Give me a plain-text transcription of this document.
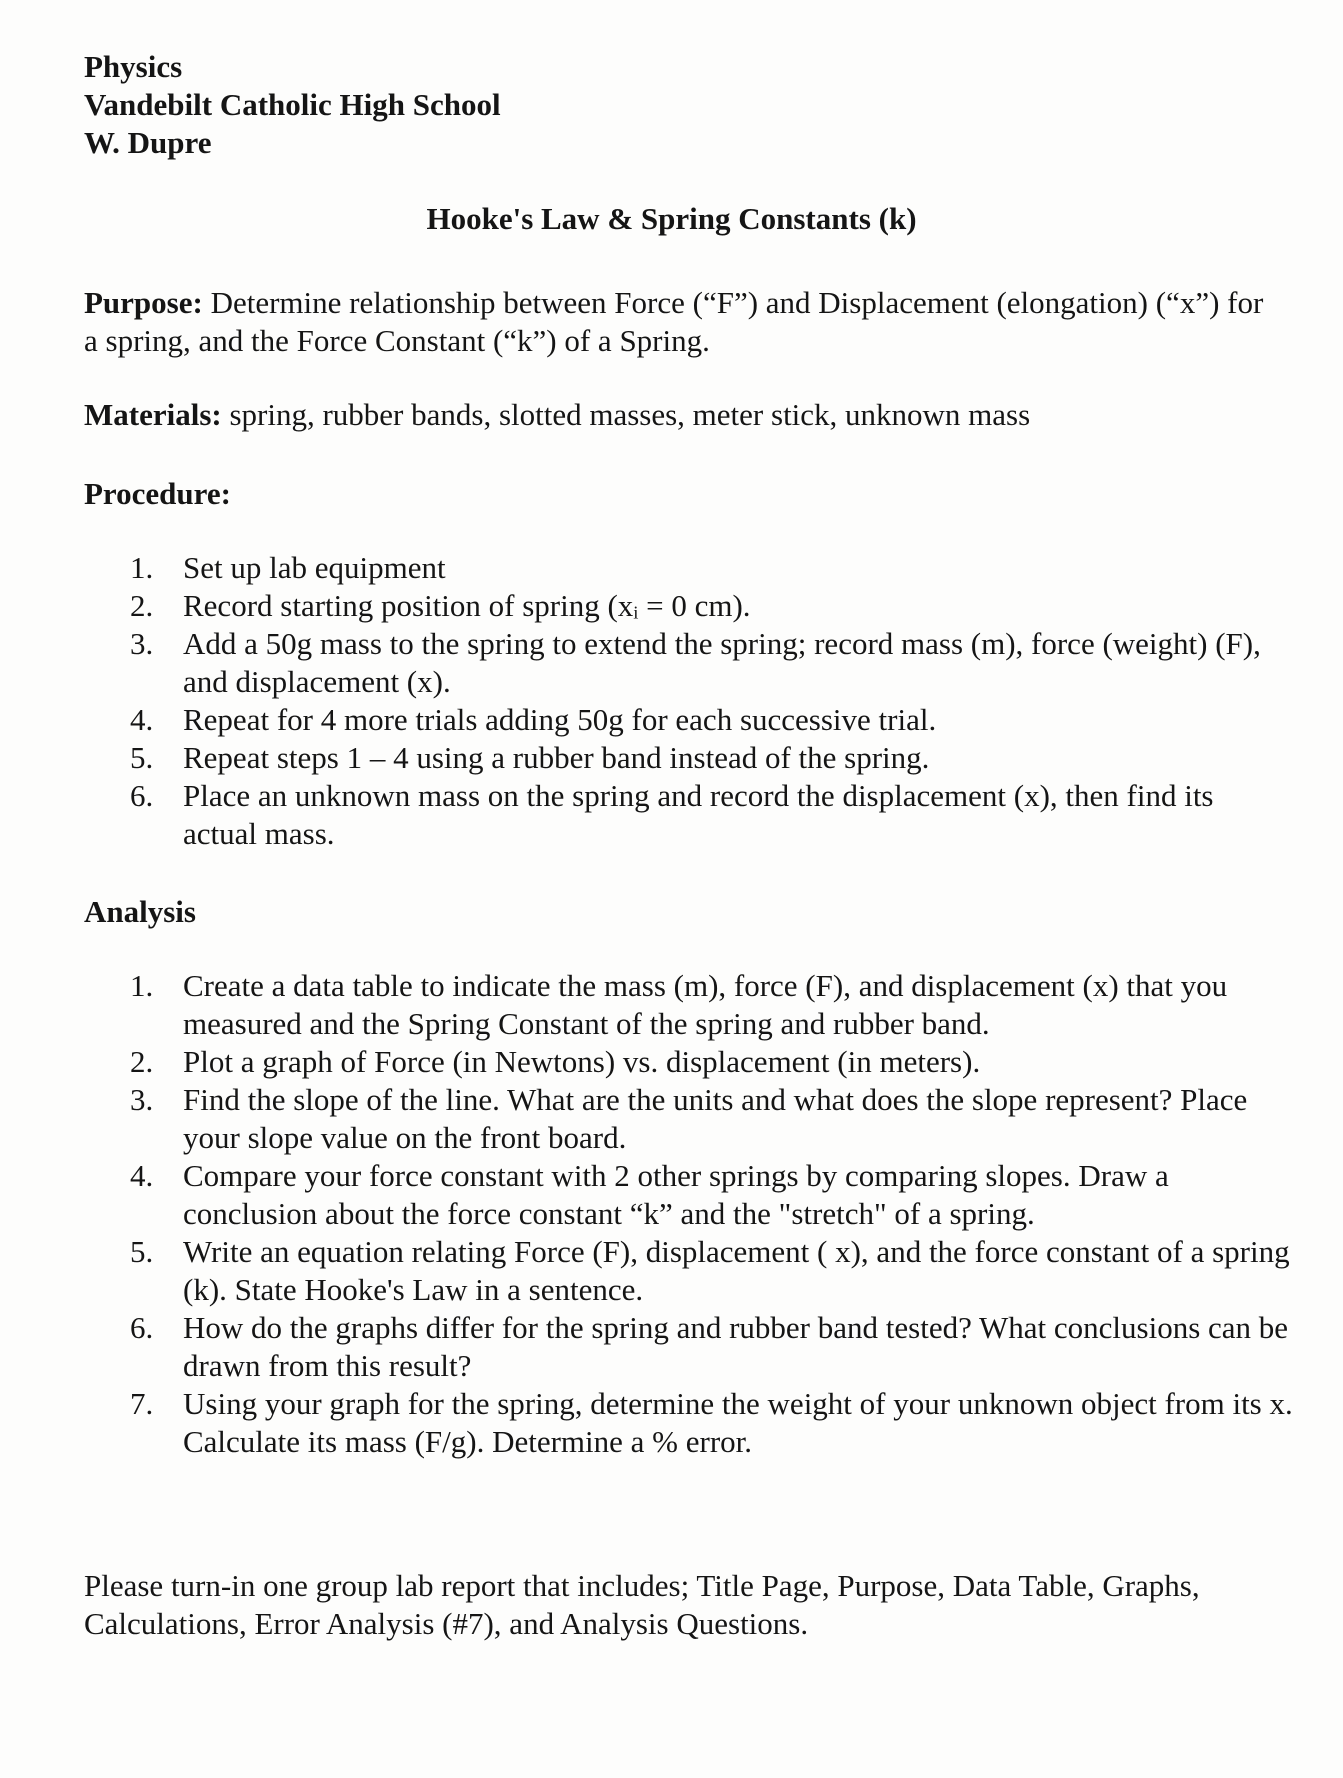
Physics
Vandebilt Catholic High School
W. Dupre
Hooke's Law & Spring Constants (k)
Purpose: Determine relationship between Force (“F”) and Displacement (elongation) (“x”) for a spring, and the Force Constant (“k”) of a Spring.
Materials: spring, rubber bands, slotted masses, meter stick, unknown mass
Procedure:
1. Set up lab equipment
2. Record starting position of spring (xᵢ = 0 cm).
3. Add a 50g mass to the spring to extend the spring; record mass (m), force (weight) (F), and displacement (x).
4. Repeat for 4 more trials adding 50g for each successive trial.
5. Repeat steps 1 – 4 using a rubber band instead of the spring.
6. Place an unknown mass on the spring and record the displacement (x), then find its actual mass.
Analysis
1. Create a data table to indicate the mass (m), force (F), and displacement (x) that you measured and the Spring Constant of the spring and rubber band.
2. Plot a graph of Force (in Newtons) vs. displacement (in meters).
3. Find the slope of the line. What are the units and what does the slope represent? Place your slope value on the front board.
4. Compare your force constant with 2 other springs by comparing slopes. Draw a conclusion about the force constant “k” and the "stretch" of a spring.
5. Write an equation relating Force (F), displacement ( x), and the force constant of a spring (k). State Hooke's Law in a sentence.
6. How do the graphs differ for the spring and rubber band tested? What conclusions can be drawn from this result?
7. Using your graph for the spring, determine the weight of your unknown object from its x. Calculate its mass (F/g). Determine a % error.
Please turn-in one group lab report that includes; Title Page, Purpose, Data Table, Graphs, Calculations, Error Analysis (#7), and Analysis Questions.
